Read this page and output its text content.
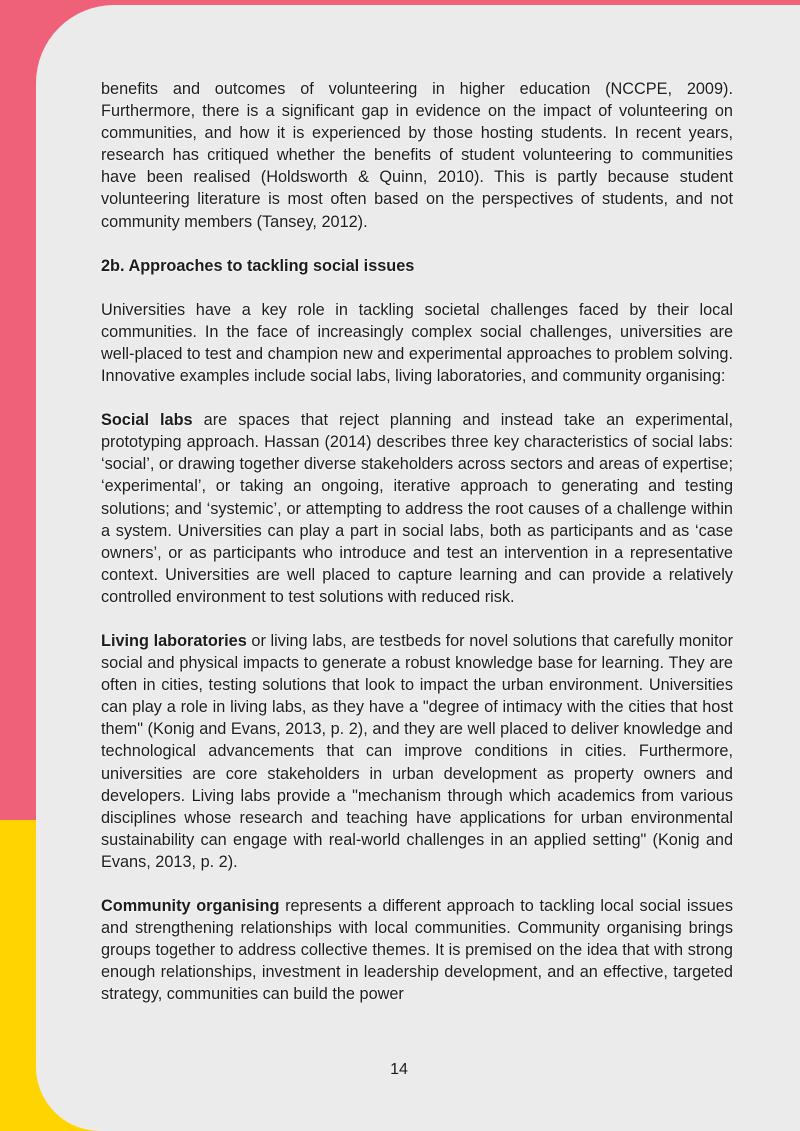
benefits and outcomes of volunteering in higher education (NCCPE, 2009). Furthermore, there is a significant gap in evidence on the impact of volunteering on communities, and how it is experienced by those hosting students. In recent years, research has critiqued whether the benefits of student volunteering to communities have been realised (Holdsworth & Quinn, 2010). This is partly because student volunteering literature is most often based on the perspectives of students, and not community members (Tansey, 2012).

2b. Approaches to tackling social issues

Universities have a key role in tackling societal challenges faced by their local communities. In the face of increasingly complex social challenges, universities are well-placed to test and champion new and experimental approaches to problem solving. Innovative examples include social labs, living laboratories, and community organising:

Social labs are spaces that reject planning and instead take an experimental, prototyping approach. Hassan (2014) describes three key characteristics of social labs: ‘social’, or drawing together diverse stakeholders across sectors and areas of expertise; ‘experimental’, or taking an ongoing, iterative approach to generating and testing solutions; and ‘systemic’, or attempting to address the root causes of a challenge within a system. Universities can play a part in social labs, both as participants and as ‘case owners’, or as participants who introduce and test an intervention in a representative context. Universities are well placed to capture learning and can provide a relatively controlled environment to test solutions with reduced risk.

Living laboratories or living labs, are testbeds for novel solutions that carefully monitor social and physical impacts to generate a robust knowledge base for learning. They are often in cities, testing solutions that look to impact the urban environment. Universities can play a role in living labs, as they have a "degree of intimacy with the cities that host them" (Konig and Evans, 2013, p. 2), and they are well placed to deliver knowledge and technological advancements that can improve conditions in cities. Furthermore, universities are core stakeholders in urban development as property owners and developers. Living labs provide a "mechanism through which academics from various disciplines whose research and teaching have applications for urban environmental sustainability can engage with real-world challenges in an applied setting" (Konig and Evans, 2013, p. 2).

Community organising represents a different approach to tackling local social issues and strengthening relationships with local communities. Community organising brings groups together to address collective themes. It is premised on the idea that with strong enough relationships, investment in leadership development, and an effective, targeted strategy, communities can build the power

14
